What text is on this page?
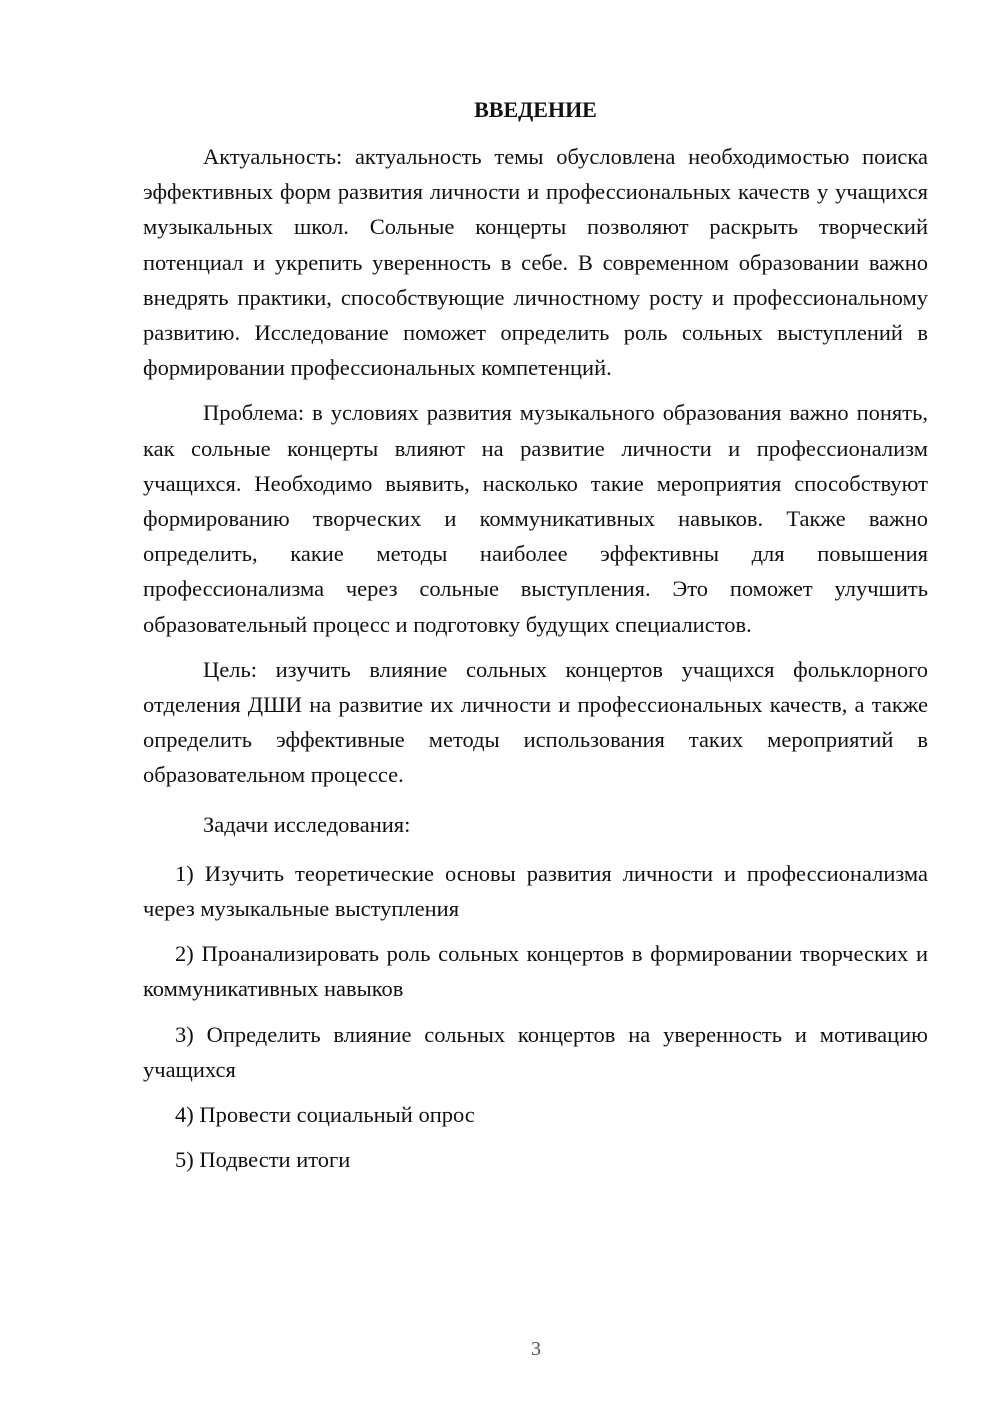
ВВЕДЕНИЕ

Актуальность: актуальность темы обусловлена необходимостью поиска эффективных форм развития личности и профессиональных качеств у учащихся музыкальных школ. Сольные концерты позволяют раскрыть творческий потенциал и укрепить уверенность в себе. В современном образовании важно внедрять практики, способствующие личностному росту и профессиональному развитию. Исследование поможет определить роль сольных выступлений в формировании профессиональных компетенций.

Проблема: в условиях развития музыкального образования важно понять, как сольные концерты влияют на развитие личности и профессионализм учащихся. Необходимо выявить, насколько такие мероприятия способствуют формированию творческих и коммуникативных навыков. Также важно определить, какие методы наиболее эффективны для повышения профессионализма через сольные выступления. Это поможет улучшить образовательный процесс и подготовку будущих специалистов.

Цель: изучить влияние сольных концертов учащихся фольклорного отделения ДШИ на развитие их личности и профессиональных качеств, а также определить эффективные методы использования таких мероприятий в образовательном процессе.

Задачи исследования:

1) Изучить теоретические основы развития личности и профессионализма через музыкальные выступления

2) Проанализировать роль сольных концертов в формировании творческих и коммуникативных навыков

3) Определить влияние сольных концертов на уверенность и мотивацию учащихся

4) Провести социальный опрос

5) Подвести итоги

3
